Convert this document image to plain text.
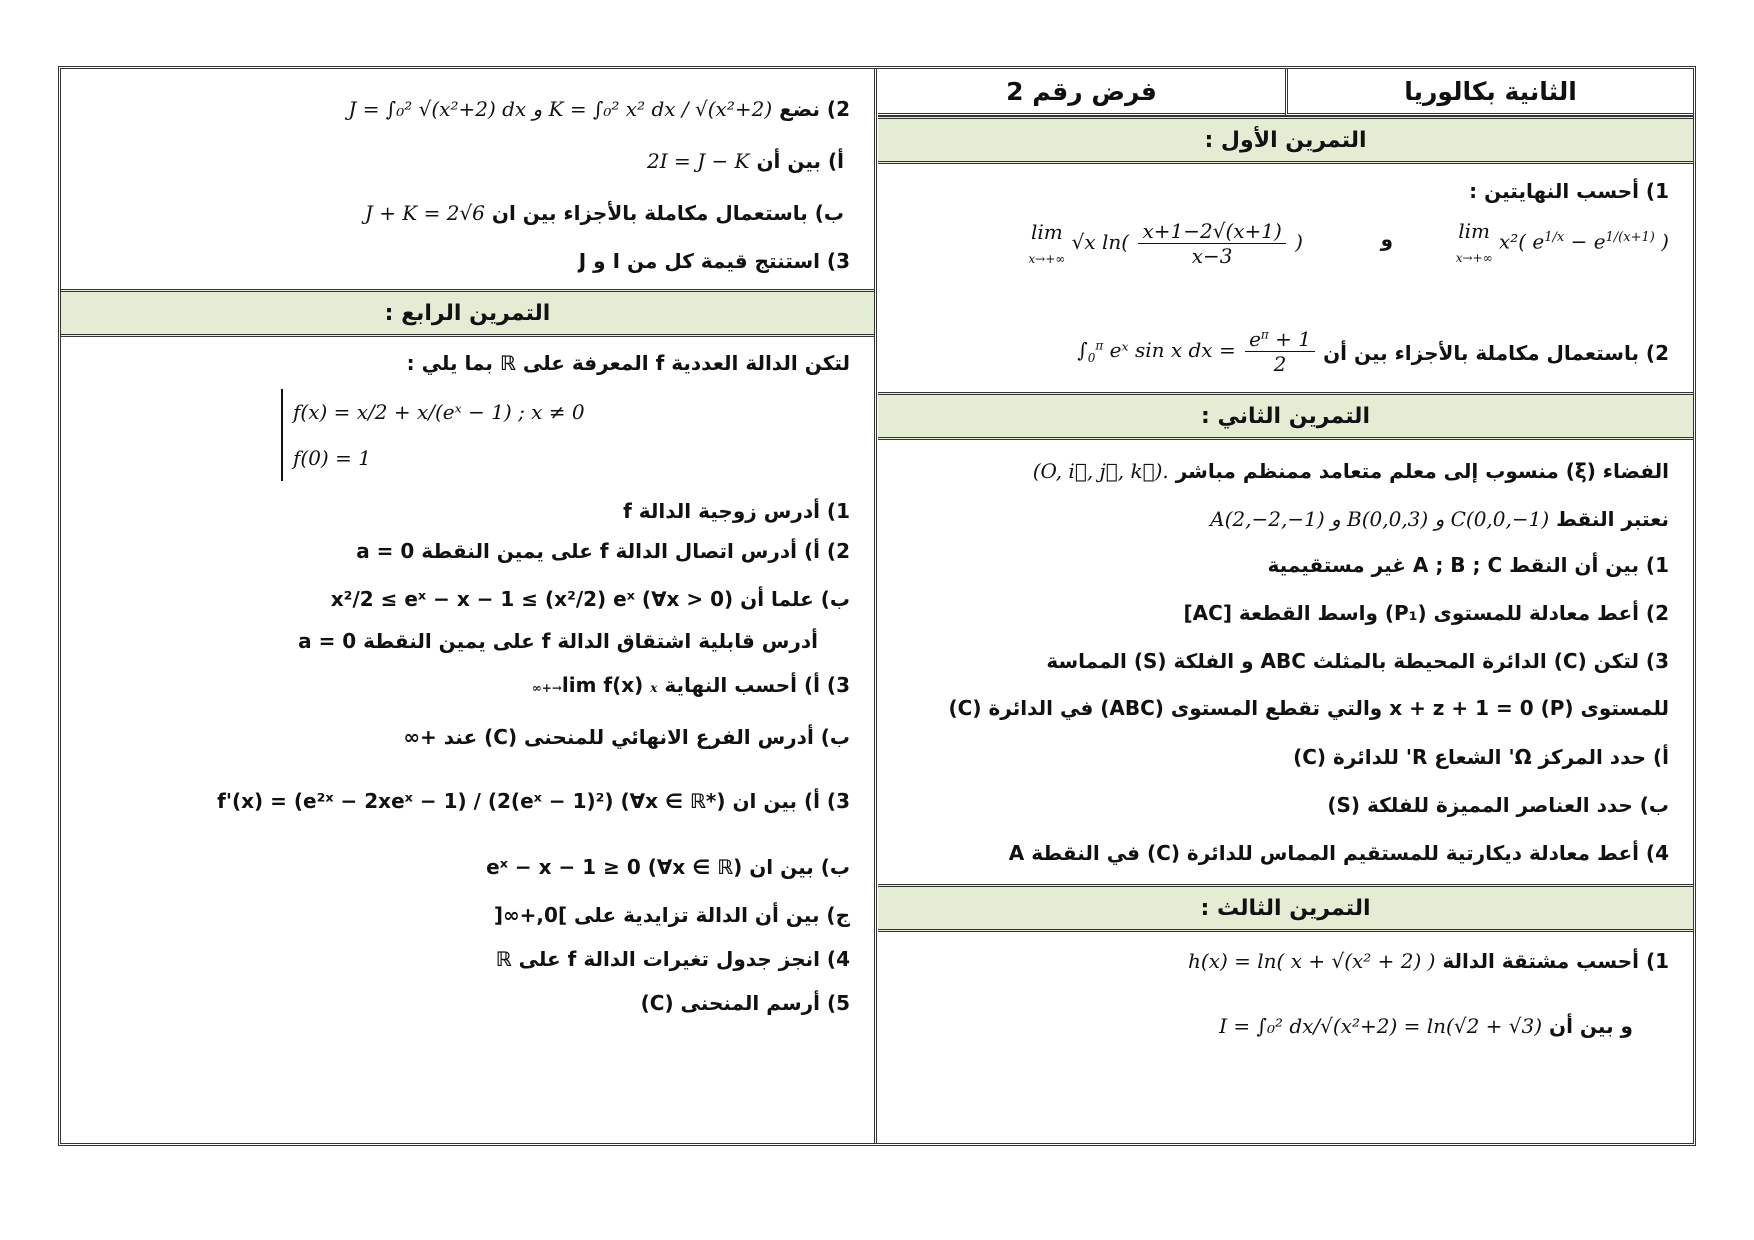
الثانية بكالوريا
فرض رقم 2
التمرين الأول :
1) أحسب النهايتين :
lim
x→+∞ x²( $e^{1/x} - e^{1/(x+1)}$ )
و
lim
x→+∞ √x $\ln( \frac{x+1-2√(x+1)}{x-3}$ )
2) باستعمال مكاملة بالأجزاء بين أن
$\int_0^\pi$ eˣ sin x dx = $\frac{e^\pi + 1}{2}$
التمرين الثاني :
الفضاء (ξ) منسوب إلى معلم متعامد ممنظم مباشر (O, i⃗, j⃗, k⃗).
نعتبر النقط A(2,−2,−1) و B(0,0,3) و C(0,0,−1)
1) بين أن النقط A ; B ; C غير مستقيمية
2) أعط معادلة للمستوى (P₁) واسط القطعة [AC]
3) لتكن (C) الدائرة المحيطة بالمثلث ABC و الفلكة (S) المماسة
للمستوى (P) x + z + 1 = 0 والتي تقطع المستوى (ABC) في الدائرة (C)
أ) حدد المركز Ω' الشعاع R' للدائرة (C)
ب) حدد العناصر المميزة للفلكة (S)
4) أعط معادلة ديكارتية للمستقيم المماس للدائرة (C) في النقطة A
التمرين الثالث :
1) أحسب مشتقة الدالة h(x) = ln( x + √(x² + 2) )
و بين أن I = ∫₀² dx/√(x²+2) = ln(√2 + √3)
2) نضع J = ∫₀² √(x²+2) dx و K = ∫₀² x² dx / √(x²+2)
أ) بين أن 2I = J − K
ب) باستعمال مكاملة بالأجزاء بين ان J + K = 2√6
3) استنتج قيمة كل من I و J
التمرين الرابع :
لتكن الدالة العددية f المعرفة على ℝ بما يلي :
f(x) = x/2 + x/(eˣ − 1) ; x ≠ 0
f(0) = 1
1) أدرس زوجية الدالة f
2) أ) أدرس اتصال الدالة f على يمين النقطة a = 0
ب) علما أن x²/2 ≤ eˣ − x − 1 ≤ (x²/2) eˣ (∀x > 0)
أدرس قابلية اشتقاق الدالة f على يمين النقطة a = 0
3) أ) أحسب النهاية lim f(x) x→+∞
ب) أدرس الفرع الانهائي للمنحنى (C) عند +∞
3) أ) بين ان f'(x) = (e²ˣ − 2xeˣ − 1) / (2(eˣ − 1)²) (∀x ∈ ℝ*)
ب) بين ان eˣ − x − 1 ≥ 0 (∀x ∈ ℝ)
ج) بين أن الدالة تزايدية على ]0,+∞[
4) انجز جدول تغيرات الدالة f على ℝ
5) أرسم المنحنى (C)
